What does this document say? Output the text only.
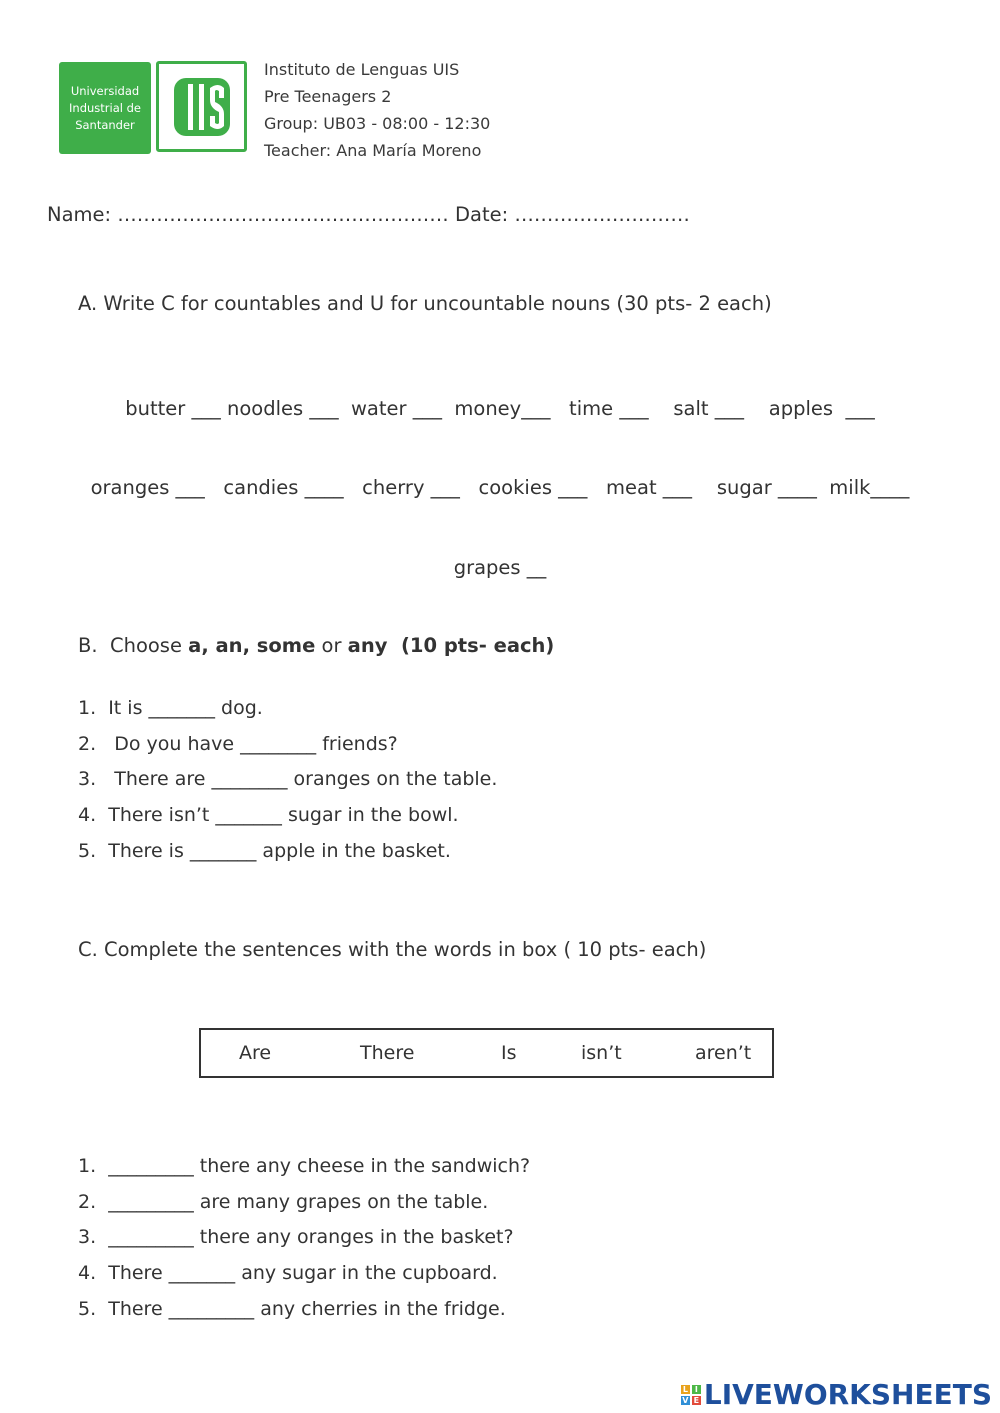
Universidad
Industrial de
Santander
Instituto de Lenguas UIS
Pre Teenagers 2
Group: UB03 - 08:00 - 12:30
Teacher: Ana María Moreno
Name: …………………………………………… Date: ………………………
A. Write C for countables and U for uncountable nouns (30 pts- 2 each)
butter ___ noodles ___  water ___  money___   time ___    salt ___    apples  ___
oranges ___   candies ____   cherry ___   cookies ___   meat ___    sugar ____  milk____
grapes __
B.  Choose a, an, some or any  (10 pts- each)
1.  It is _______ dog.
2.   Do you have ________ friends?
3.   There are ________ oranges on the table.
4.  There isn’t _______ sugar in the bowl.
5.  There is _______ apple in the basket.
C. Complete the sentences with the words in box ( 10 pts- each)
Are	There	Is	isn’t	aren’t
1.  _________ there any cheese in the sandwich?
2.  _________ are many grapes on the table.
3.  _________ there any oranges in the basket?
4.  There _______ any sugar in the cupboard.
5.  There _________ any cherries in the fridge.
L I
V E LIVEWORKSHEETS
